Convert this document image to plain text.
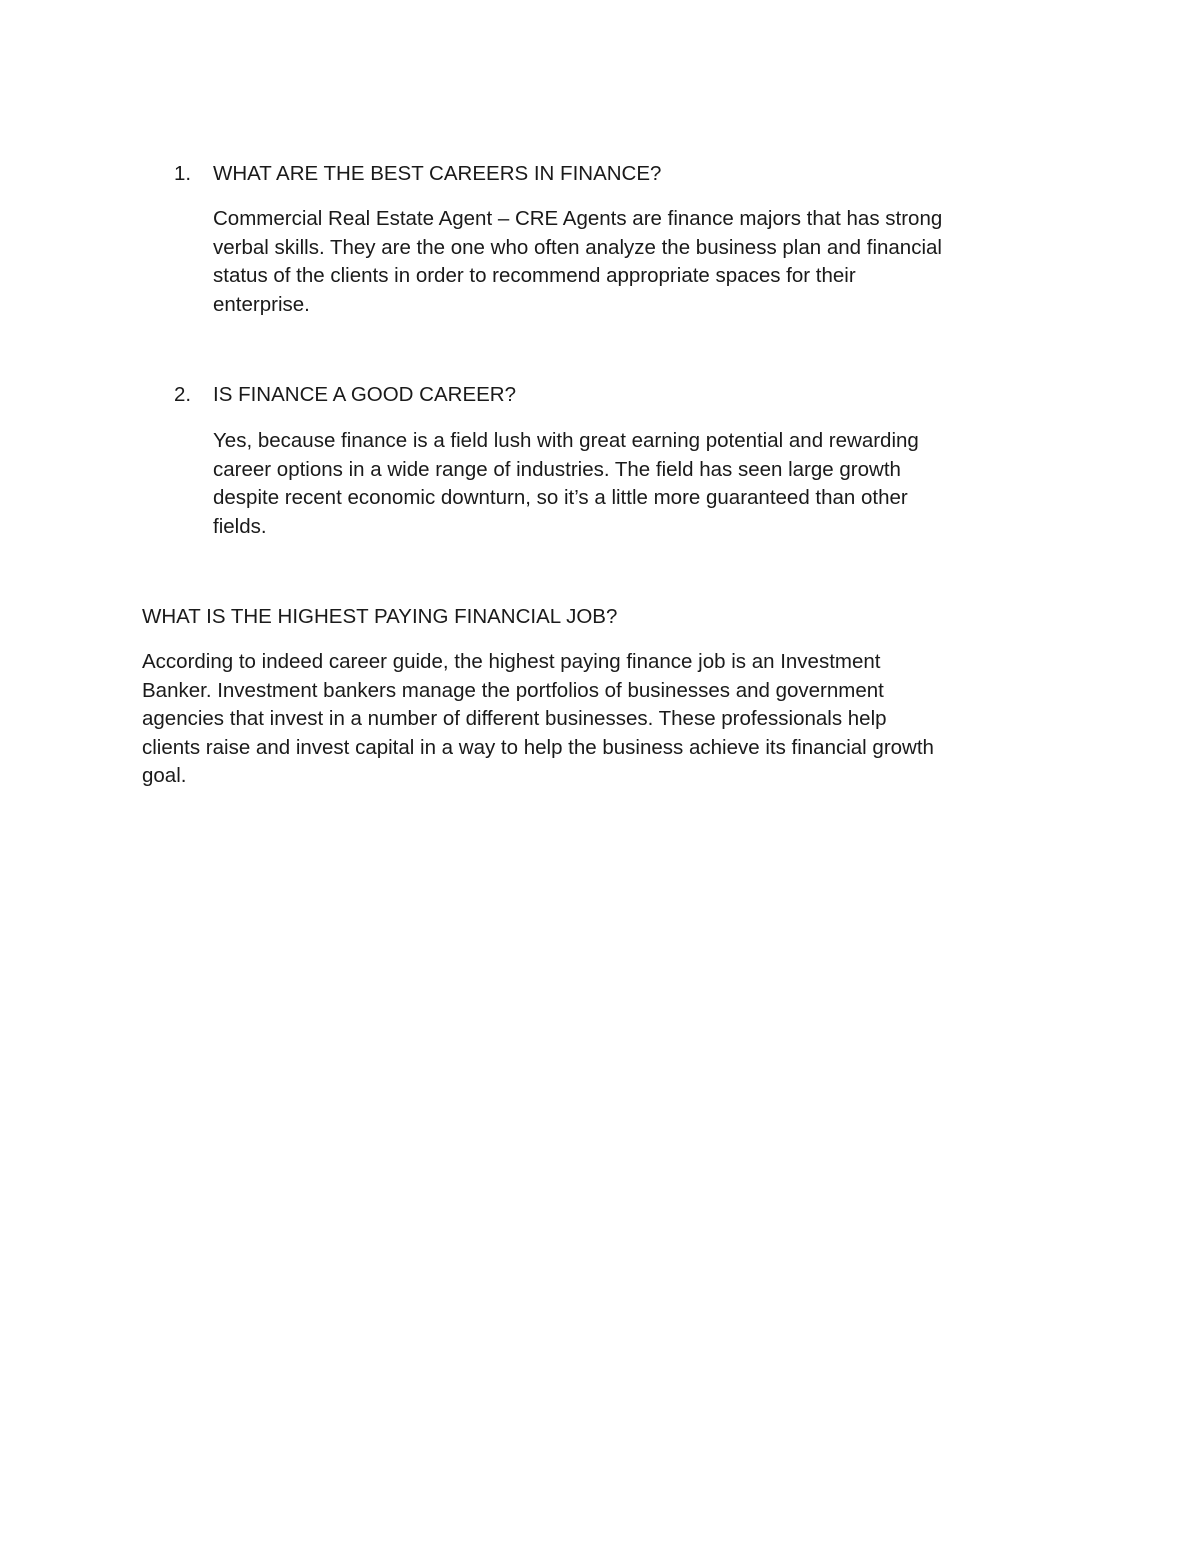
1. WHAT ARE THE BEST CAREERS IN FINANCE?

Commercial Real Estate Agent – CRE Agents are finance majors that has strong
verbal skills. They are the one who often analyze the business plan and financial
status of the clients in order to recommend appropriate spaces for their
enterprise.

2. IS FINANCE A GOOD CAREER?

Yes, because finance is a field lush with great earning potential and rewarding
career options in a wide range of industries. The field has seen large growth
despite recent economic downturn, so it’s a little more guaranteed than other
fields.

WHAT IS THE HIGHEST PAYING FINANCIAL JOB?

According to indeed career guide, the highest paying finance job is an Investment
Banker. Investment bankers manage the portfolios of businesses and government
agencies that invest in a number of different businesses. These professionals help
clients raise and invest capital in a way to help the business achieve its financial growth
goal.
